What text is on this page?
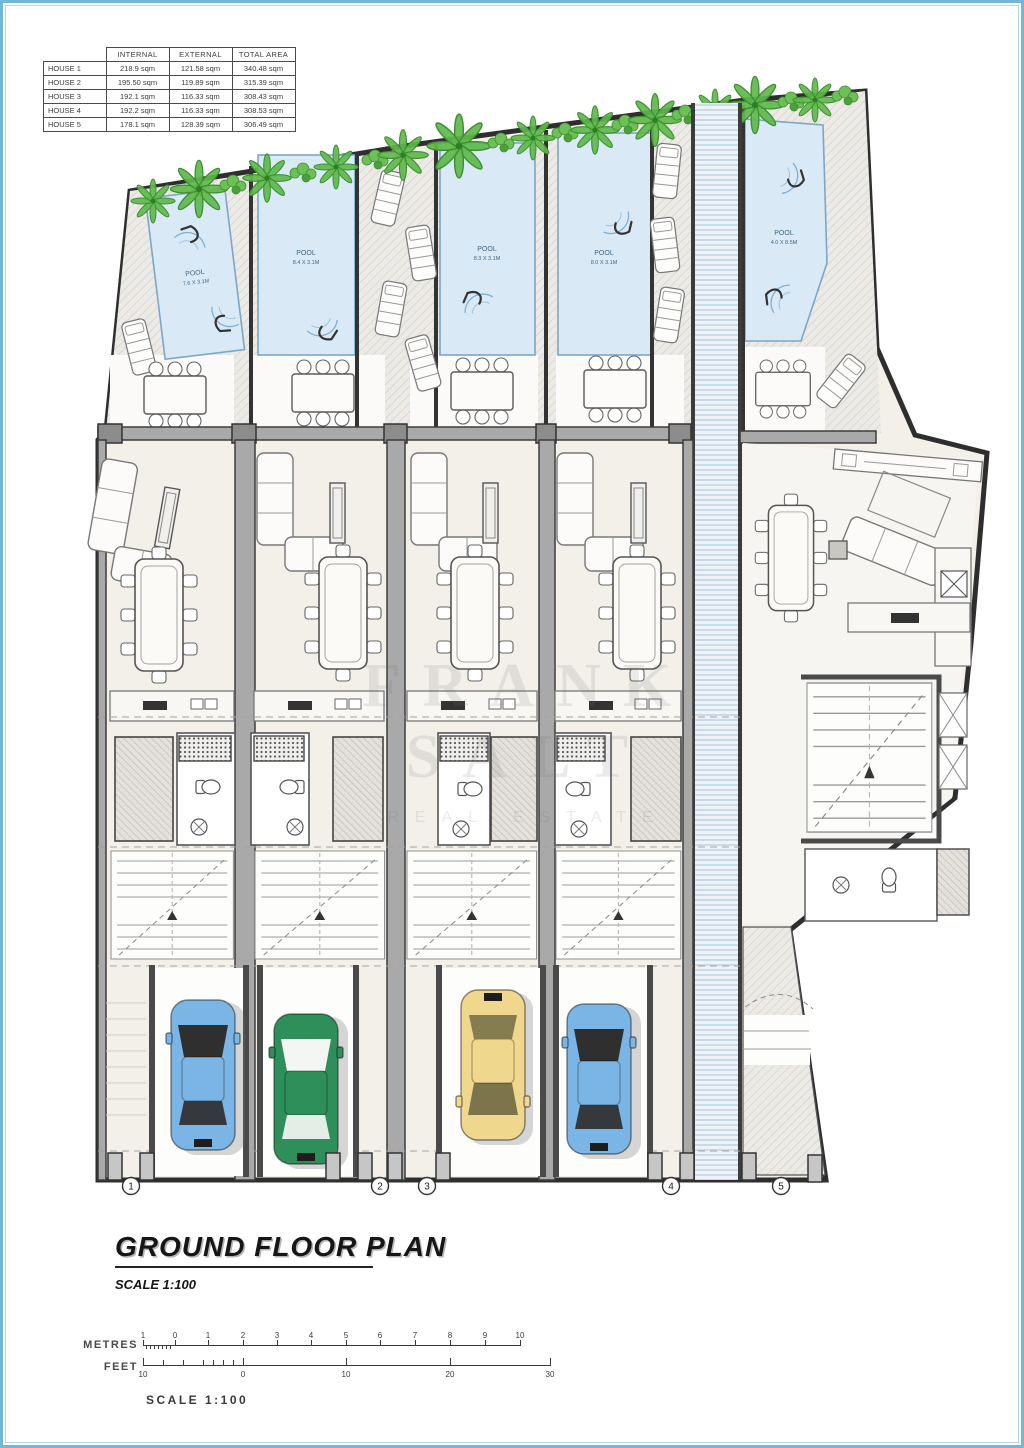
	INTERNAL	EXTERNAL	TOTAL AREA
HOUSE 1	218.9 sqm	121.58 sqm	340.48 sqm
HOUSE 2	195.50 sqm	119.89 sqm	315.39 sqm
HOUSE 3	192.1 sqm	116.33 sqm	308.43 sqm
HOUSE 4	192.2 sqm	116.33 sqm	308.53 sqm
HOUSE 5	178.1 sqm	128.39 sqm	306.49 sqm
POOL
7.6 X 3.1M
POOL
8.4 X 3.1M
POOL
8.3 X 3.1M
POOL
8.0 X 3.1M
POOL
4.0 X 8.5M
1	2	3	4	5
GROUND FLOOR PLAN
SCALE 1:100
METRES
FEET
1	0	1	2	3	4	5	6	7	8	9	10
10	0	10	20	30
SCALE 1:100
